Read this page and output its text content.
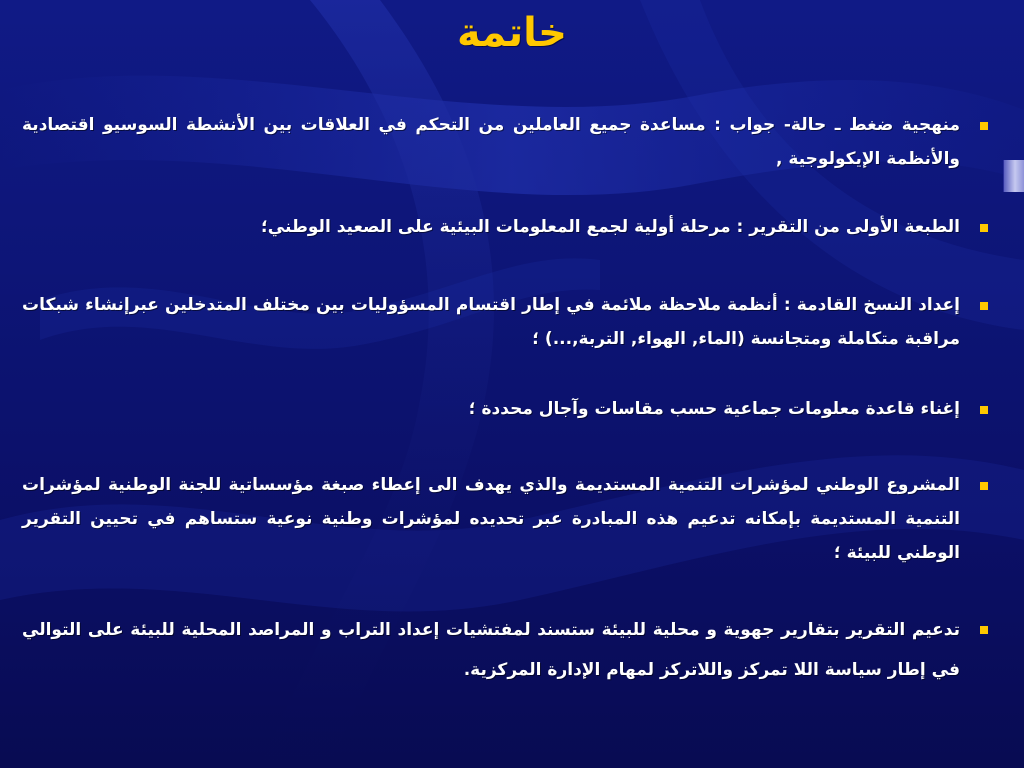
خاتمة
منهجية ضغط ـ حالة- جواب : مساعدة جميع العاملين من التحكم في العلاقات بين الأنشطة السوسيو اقتصادية والأنظمة الإيكولوجية ,
الطبعة الأولى من التقرير : مرحلة أولية لجمع المعلومات البيئية على الصعيد الوطني؛
إعداد النسخ القادمة : أنظمة ملاحظة ملائمة في إطار اقتسام المسؤوليات بين مختلف المتدخلين عبرإنشاء شبكات مراقبة متكاملة ومتجانسة (الماء, الهواء, التربة,...) ؛
إغناء قاعدة معلومات جماعية حسب مقاسات وآجال محددة ؛
المشروع الوطني لمؤشرات التنمية المستديمة والذي يهدف الى إعطاء صبغة مؤسساتية للجنة الوطنية لمؤشرات التنمية المستديمة بإمكانه تدعيم هذه المبادرة عبر تحديده لمؤشرات وطنية نوعية ستساهم في تحيين التقرير الوطني للبيئة ؛
تدعيم التقرير بتقارير جهوية و محلية للبيئة ستسند لمفتشيات إعداد التراب و المراصد المحلية للبيئة على التوالي في إطار سياسة اللا تمركز واللاتركز لمهام الإدارة المركزية.
